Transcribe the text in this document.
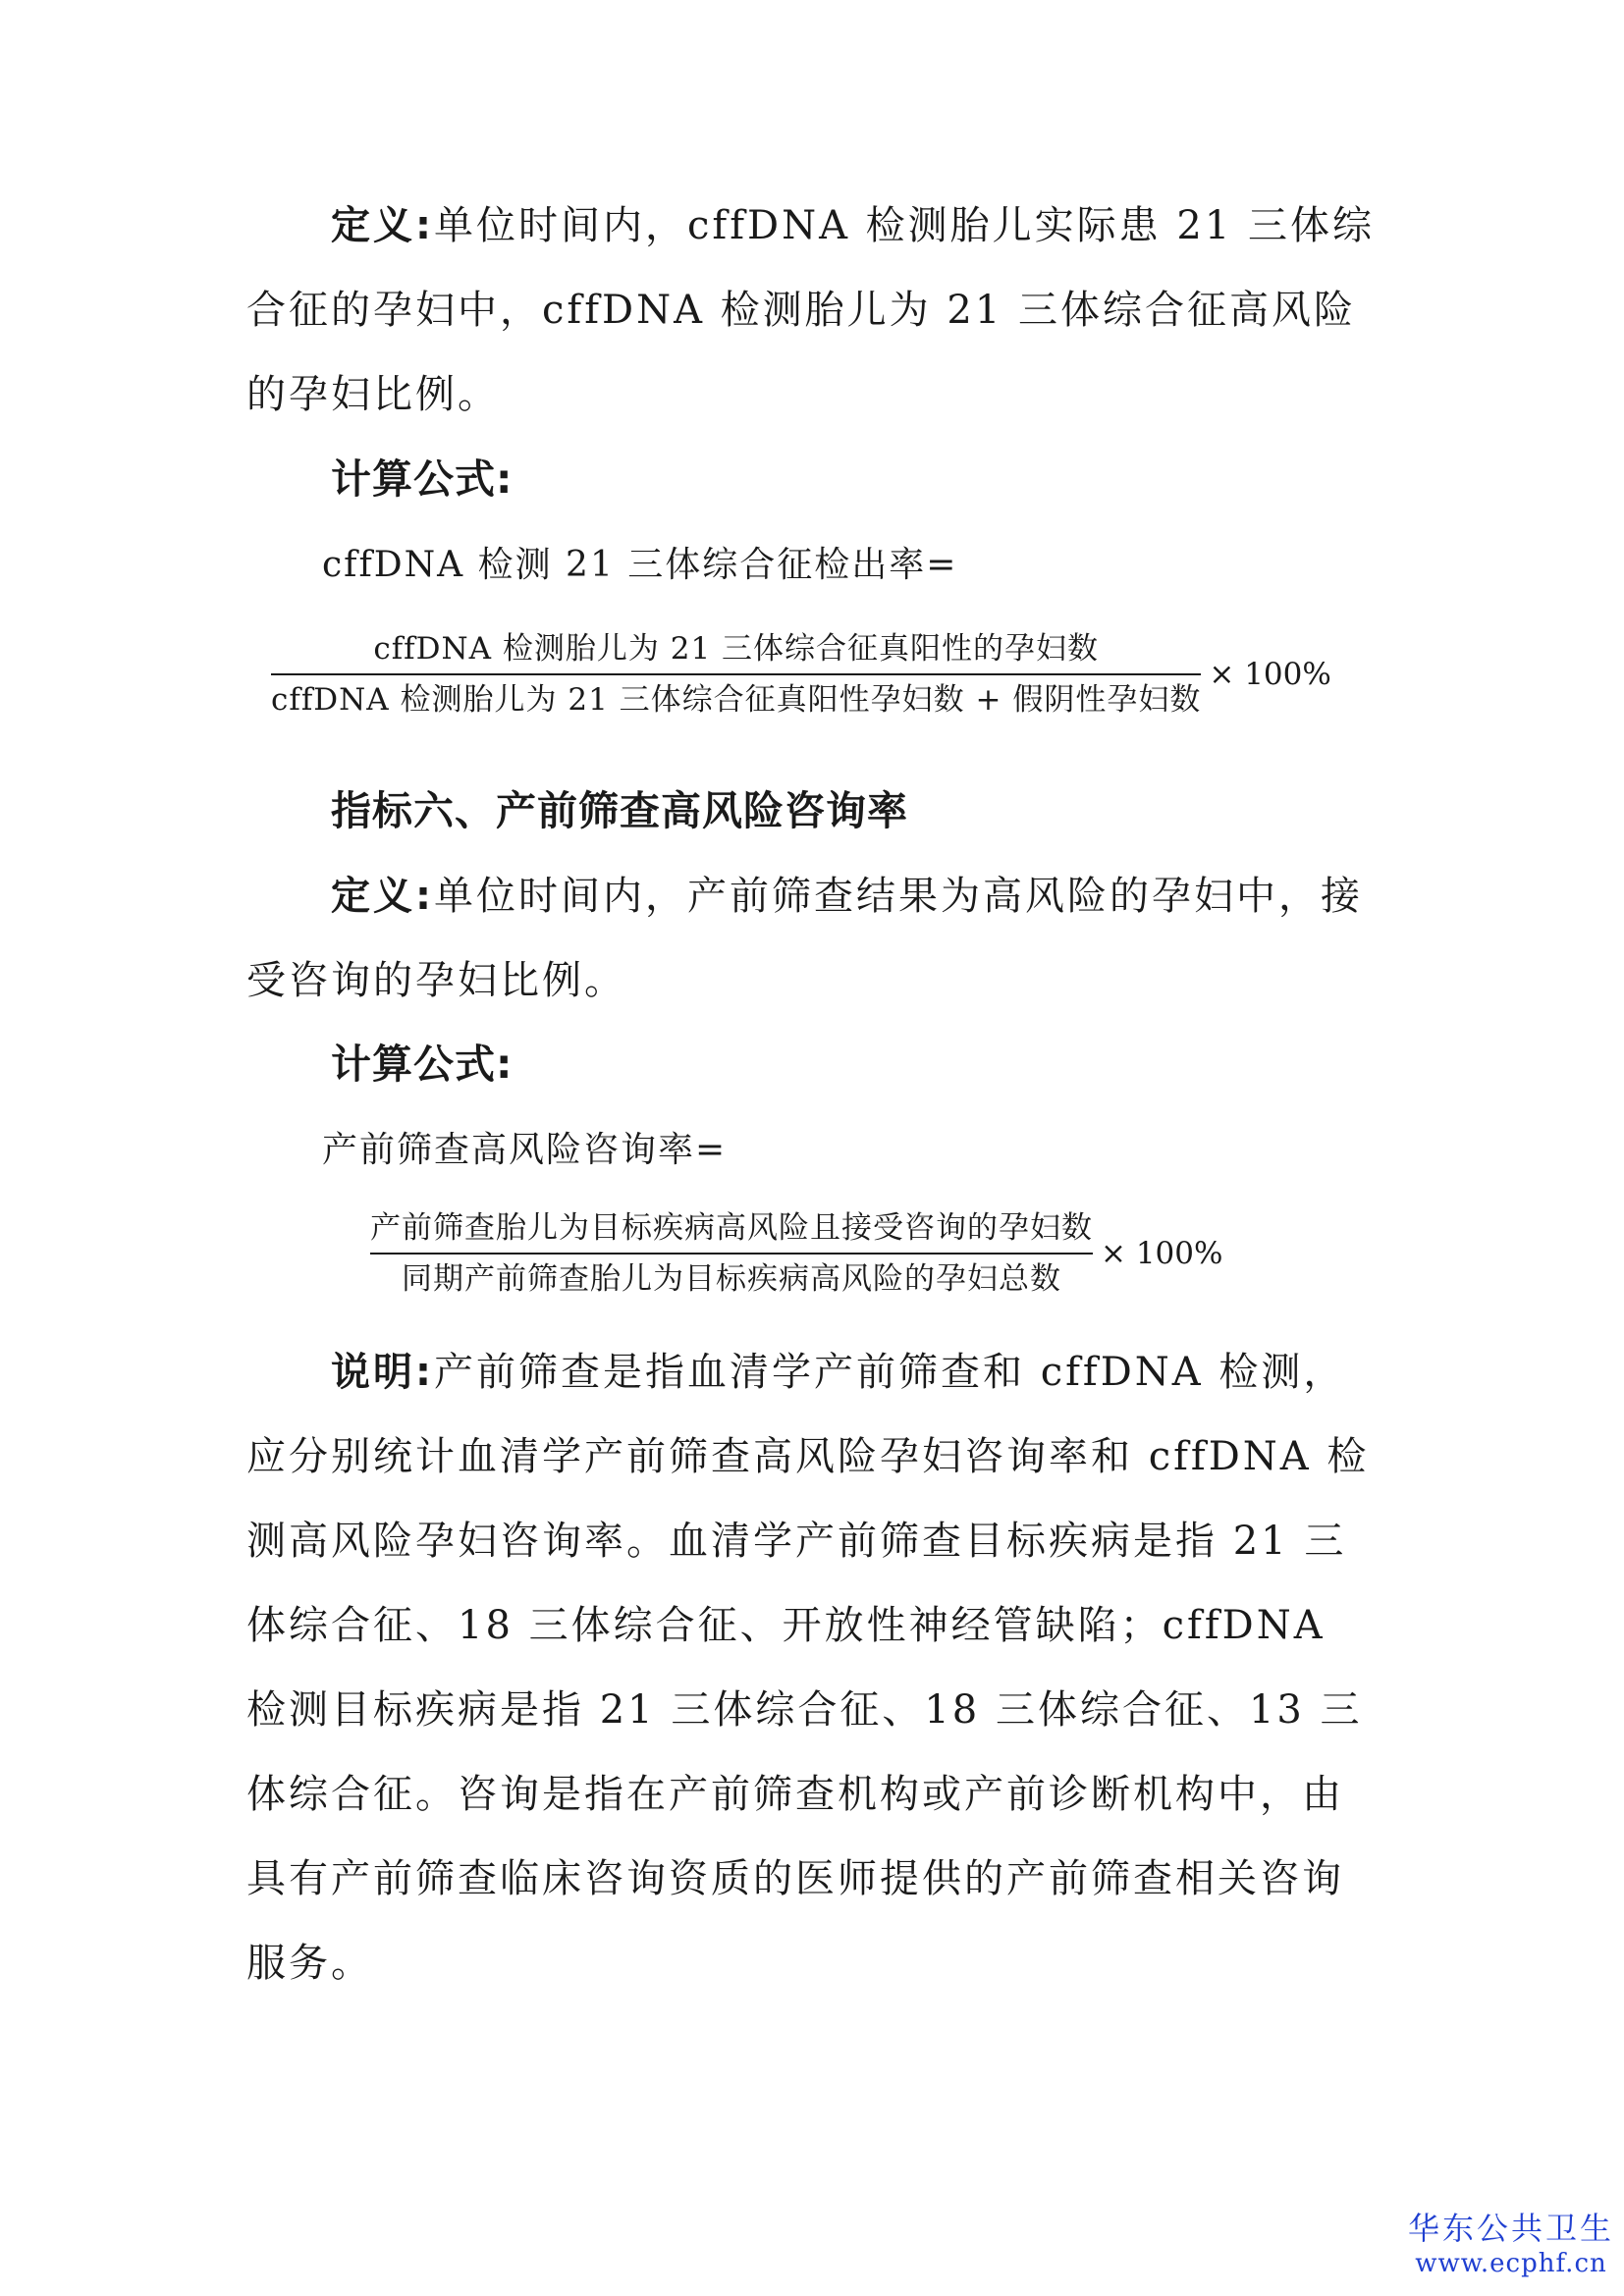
定义:单位时间内，cffDNA 检测胎儿实际患 21 三体综合征的孕妇中，cffDNA 检测胎儿为 21 三体综合征高风险的孕妇比例。
计算公式:
cffDNA 检测 21 三体综合征检出率=
$\frac{\text{cffDNA 检测胎儿为 21 三体综合征真阳性的孕妇数}}{\text{cffDNA 检测胎儿为 21 三体综合征真阳性孕妇数 + 假阴性孕妇数}} \times 100\%$
指标六、产前筛查高风险咨询率
定义:单位时间内，产前筛查结果为高风险的孕妇中，接受咨询的孕妇比例。
计算公式:
产前筛查高风险咨询率=
$\frac{\text{产前筛查胎儿为目标疾病高风险且接受咨询的孕妇数}}{\text{同期产前筛查胎儿为目标疾病高风险的孕妇总数}} \times 100\%$
说明:产前筛查是指血清学产前筛查和 cffDNA 检测，应分别统计血清学产前筛查高风险孕妇咨询率和 cffDNA 检测高风险孕妇咨询率。血清学产前筛查目标疾病是指 21 三体综合征、18 三体综合征、开放性神经管缺陷；cffDNA 检测目标疾病是指 21 三体综合征、18 三体综合征、13 三体综合征。咨询是指在产前筛查机构或产前诊断机构中，由具有产前筛查临床咨询资质的医师提供的产前筛查相关咨询服务。
华东公共卫生
www.ecphf.cn
